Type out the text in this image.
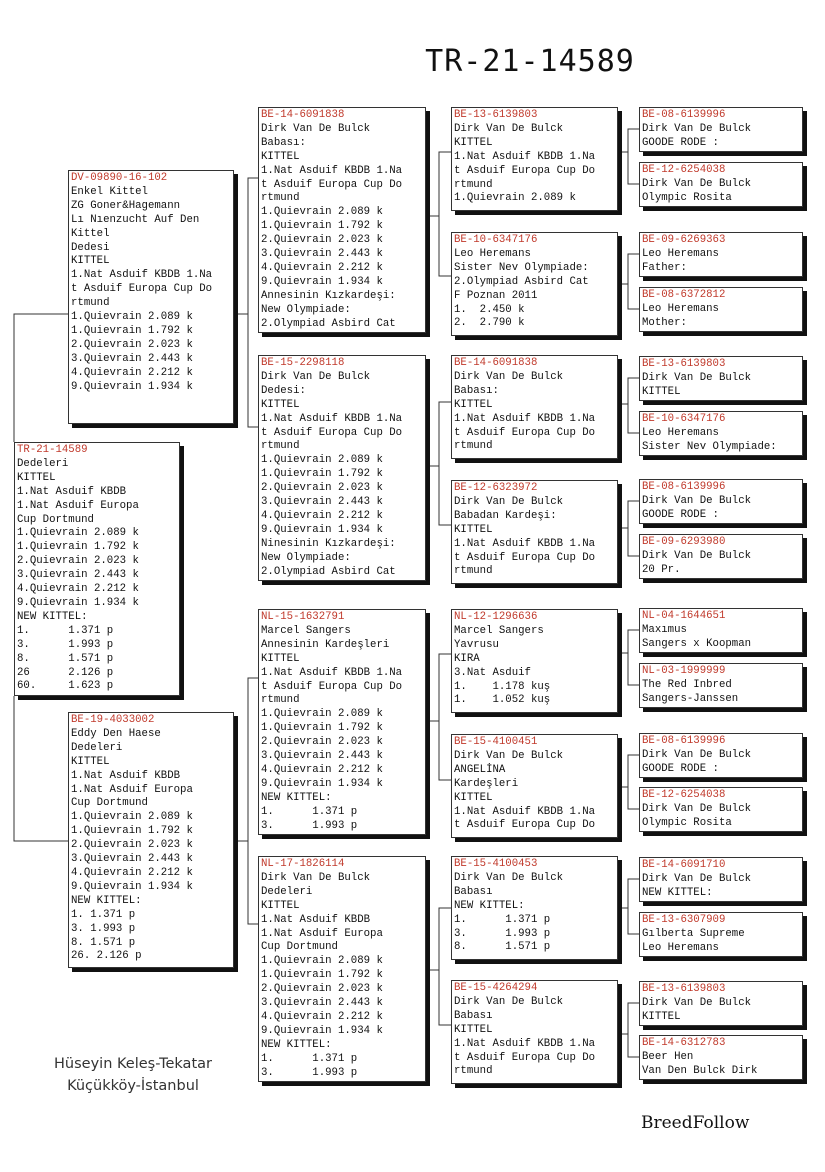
TR-21-14589
TR-21-14589
Dedeleri
KITTEL
1.Nat Asduif KBDB
1.Nat Asduif Europa
Cup Dortmund
1.Quievrain 2.089 k
1.Quievrain 1.792 k
2.Quievrain 2.023 k
3.Quievrain 2.443 k
4.Quievrain 2.212 k
9.Quievrain 1.934 k
NEW KITTEL:
1.      1.371 p
3.      1.993 p
8.      1.571 p
26      2.126 p
60.     1.623 p
DV-09890-16-102
Enkel Kittel
ZG Goner&Hagemann
Lı Nıenzucht Auf Den
Kittel
Dedesi
KITTEL
1.Nat Asduif KBDB 1.Na
t Asduif Europa Cup Do
rtmund
1.Quievrain 2.089 k
1.Quievrain 1.792 k
2.Quievrain 2.023 k
3.Quievrain 2.443 k
4.Quievrain 2.212 k
9.Quievrain 1.934 k
BE-19-4033002
Eddy Den Haese
Dedeleri
KITTEL
1.Nat Asduif KBDB
1.Nat Asduif Europa
Cup Dortmund
1.Quievrain 2.089 k
1.Quievrain 1.792 k
2.Quievrain 2.023 k
3.Quievrain 2.443 k
4.Quievrain 2.212 k
9.Quievrain 1.934 k
NEW KITTEL:
1. 1.371 p
3. 1.993 p
8. 1.571 p
26. 2.126 p
BE-14-6091838
Dirk Van De Bulck
Babası:
KITTEL
1.Nat Asduif KBDB 1.Na
t Asduif Europa Cup Do
rtmund
1.Quievrain 2.089 k
1.Quievrain 1.792 k
2.Quievrain 2.023 k
3.Quievrain 2.443 k
4.Quievrain 2.212 k
9.Quievrain 1.934 k
Annesinin Kızkardeşi:
New Olympiade:
2.Olympiad Asbird Cat
BE-15-2298118
Dirk Van De Bulck
Dedesi:
KITTEL
1.Nat Asduif KBDB 1.Na
t Asduif Europa Cup Do
rtmund
1.Quievrain 2.089 k
1.Quievrain 1.792 k
2.Quievrain 2.023 k
3.Quievrain 2.443 k
4.Quievrain 2.212 k
9.Quievrain 1.934 k
Ninesinin Kızkardeşi:
New Olympiade:
2.Olympiad Asbird Cat
NL-15-1632791
Marcel Sangers
Annesinin Kardeşleri
KITTEL
1.Nat Asduif KBDB 1.Na
t Asduif Europa Cup Do
rtmund
1.Quievrain 2.089 k
1.Quievrain 1.792 k
2.Quievrain 2.023 k
3.Quievrain 2.443 k
4.Quievrain 2.212 k
9.Quievrain 1.934 k
NEW KITTEL:
1.      1.371 p
3.      1.993 p
NL-17-1826114
Dirk Van De Bulck
Dedeleri
KITTEL
1.Nat Asduif KBDB
1.Nat Asduif Europa
Cup Dortmund
1.Quievrain 2.089 k
1.Quievrain 1.792 k
2.Quievrain 2.023 k
3.Quievrain 2.443 k
4.Quievrain 2.212 k
9.Quievrain 1.934 k
NEW KITTEL:
1.      1.371 p
3.      1.993 p
BE-13-6139803
Dirk Van De Bulck
KITTEL
1.Nat Asduif KBDB 1.Na
t Asduif Europa Cup Do
rtmund
1.Quievrain 2.089 k
BE-10-6347176
Leo Heremans
Sister Nev Olympiade:
2.Olympiad Asbird Cat
F Poznan 2011
1.  2.450 k
2.  2.790 k
BE-14-6091838
Dirk Van De Bulck
Babası:
KITTEL
1.Nat Asduif KBDB 1.Na
t Asduif Europa Cup Do
rtmund
BE-12-6323972
Dirk Van De Bulck
Babadan Kardeşi:
KITTEL
1.Nat Asduif KBDB 1.Na
t Asduif Europa Cup Do
rtmund
NL-12-1296636
Marcel Sangers
Yavrusu
KIRA
3.Nat Asduif
1.    1.178 kuş
1.    1.052 kuş
BE-15-4100451
Dirk Van De Bulck
ANGELİNA
Kardeşleri
KITTEL
1.Nat Asduif KBDB 1.Na
t Asduif Europa Cup Do
BE-15-4100453
Dirk Van De Bulck
Babası
NEW KITTEL:
1.      1.371 p
3.      1.993 p
8.      1.571 p
BE-15-4264294
Dirk Van De Bulck
Babası
KITTEL
1.Nat Asduif KBDB 1.Na
t Asduif Europa Cup Do
rtmund
BE-08-6139996
Dirk Van De Bulck
GOODE RODE :
BE-12-6254038
Dirk Van De Bulck
Olympic Rosita
BE-09-6269363
Leo Heremans
Father:
BE-08-6372812
Leo Heremans
Mother:
BE-13-6139803
Dirk Van De Bulck
KITTEL
BE-10-6347176
Leo Heremans
Sister Nev Olympiade:
BE-08-6139996
Dirk Van De Bulck
GOODE RODE :
BE-09-6293980
Dirk Van De Bulck
20 Pr.
NL-04-1644651
Maxımus
Sangers x Koopman
NL-03-1999999
The Red Inbred
Sangers-Janssen
BE-08-6139996
Dirk Van De Bulck
GOODE RODE :
BE-12-6254038
Dirk Van De Bulck
Olympic Rosita
BE-14-6091710
Dirk Van De Bulck
NEW KITTEL:
BE-13-6307909
Gılberta Supreme
Leo Heremans
BE-13-6139803
Dirk Van De Bulck
KITTEL
BE-14-6312783
Beer Hen
Van Den Bulck Dirk
Hüseyin Keleş-Tekatar
Küçükköy-İstanbul
BreedFollow
